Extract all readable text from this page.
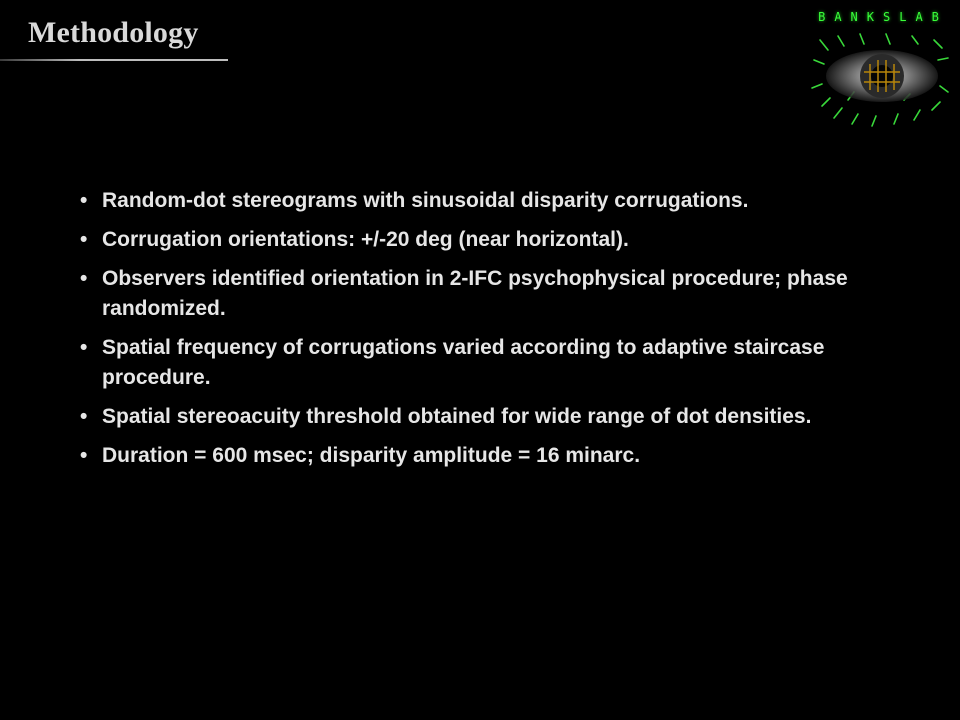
Methodology	BANKSLAB
• Random-dot stereograms with sinusoidal disparity corrugations.
• Corrugation orientations: +/-20 deg (near horizontal).
• Observers identified orientation in 2-IFC psychophysical procedure; phase randomized.
• Spatial frequency of corrugations varied according to adaptive staircase procedure.
• Spatial stereoacuity threshold obtained for wide range of dot densities.
• Duration = 600 msec; disparity amplitude = 16 minarc.
